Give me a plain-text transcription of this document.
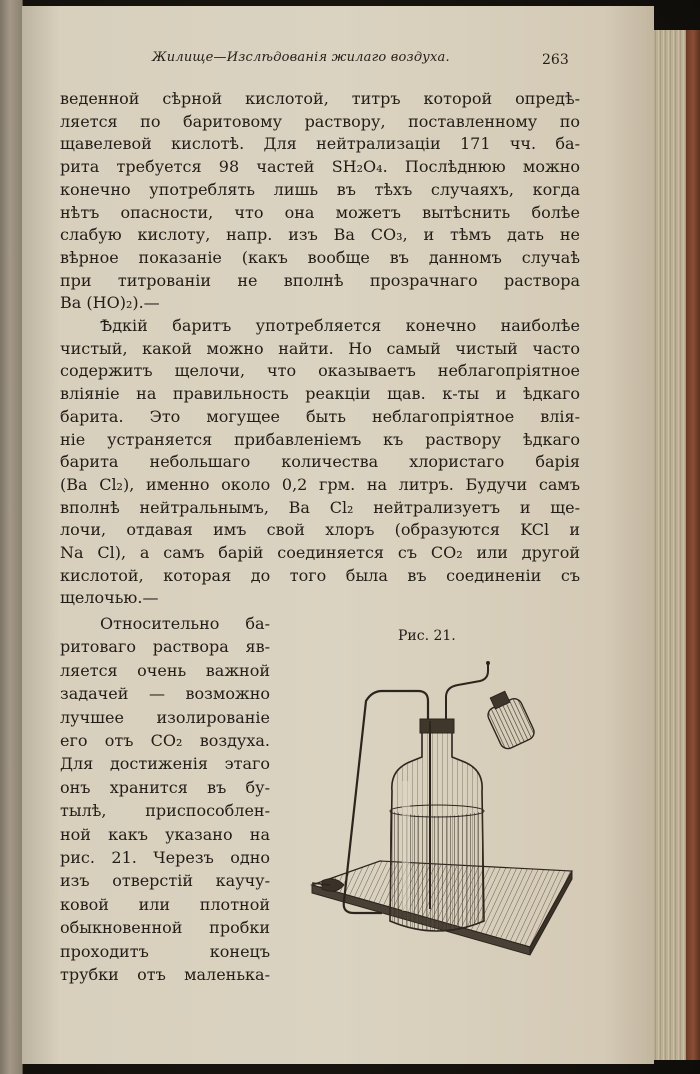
Жилище—Изслѣдованія жилаго воздуха.	263
веденной сѣрной кислотой, титръ которой опредѣ-
ляется по баритовому раствору, поставленному по
щавелевой кислотѣ. Для нейтрализаціи 171 чч. ба-
рита требуется 98 частей SH₂O₄. Послѣднюю можно
конечно употреблять лишь въ тѣхъ случаяхъ, когда
нѣтъ опасности, что она можетъ вытѣснить болѣе
слабую кислоту, напр. изъ Ba CO₃, и тѣмъ дать не
вѣрное показаніе (какъ вообще въ данномъ случаѣ
при титрованіи не вполнѣ прозрачнаго раствора
Ba (HO)₂).—
Ѣдкій баритъ употребляется конечно наиболѣе
чистый, какой можно найти. Но самый чистый часто
содержитъ щелочи, что оказываетъ неблагопріятное
вліяніе на правильность реакціи щав. к-ты и ѣдкаго
барита. Это могущее быть неблагопріятное влія-
ніе устраняется прибавленіемъ къ раствору ѣдкаго
барита небольшаго количества хлористаго барія
(Ba Cl₂), именно около 0,2 грм. на литръ. Будучи самъ
вполнѣ нейтральнымъ, Ba Cl₂ нейтрализуетъ и ще-
лочи, отдавая имъ свой хлоръ (образуются KCl и
Na Cl), а самъ барій соединяется съ CO₂ или другой
кислотой, которая до того была въ соединеніи съ
щелочью.—
Относительно ба-
ритоваго раствора яв-
ляется очень важной
задачей — возможно
лучшее изолированіе
его отъ CO₂ воздуха.
Для достиженія этаго
онъ хранится въ бу-
тылѣ, приспособлен-
ной какъ указано на
рис. 21. Черезъ одно
изъ отверстій каучу-
ковой или плотной
обыкновенной пробки
проходитъ конецъ
трубки отъ маленька-
Рис. 21.
